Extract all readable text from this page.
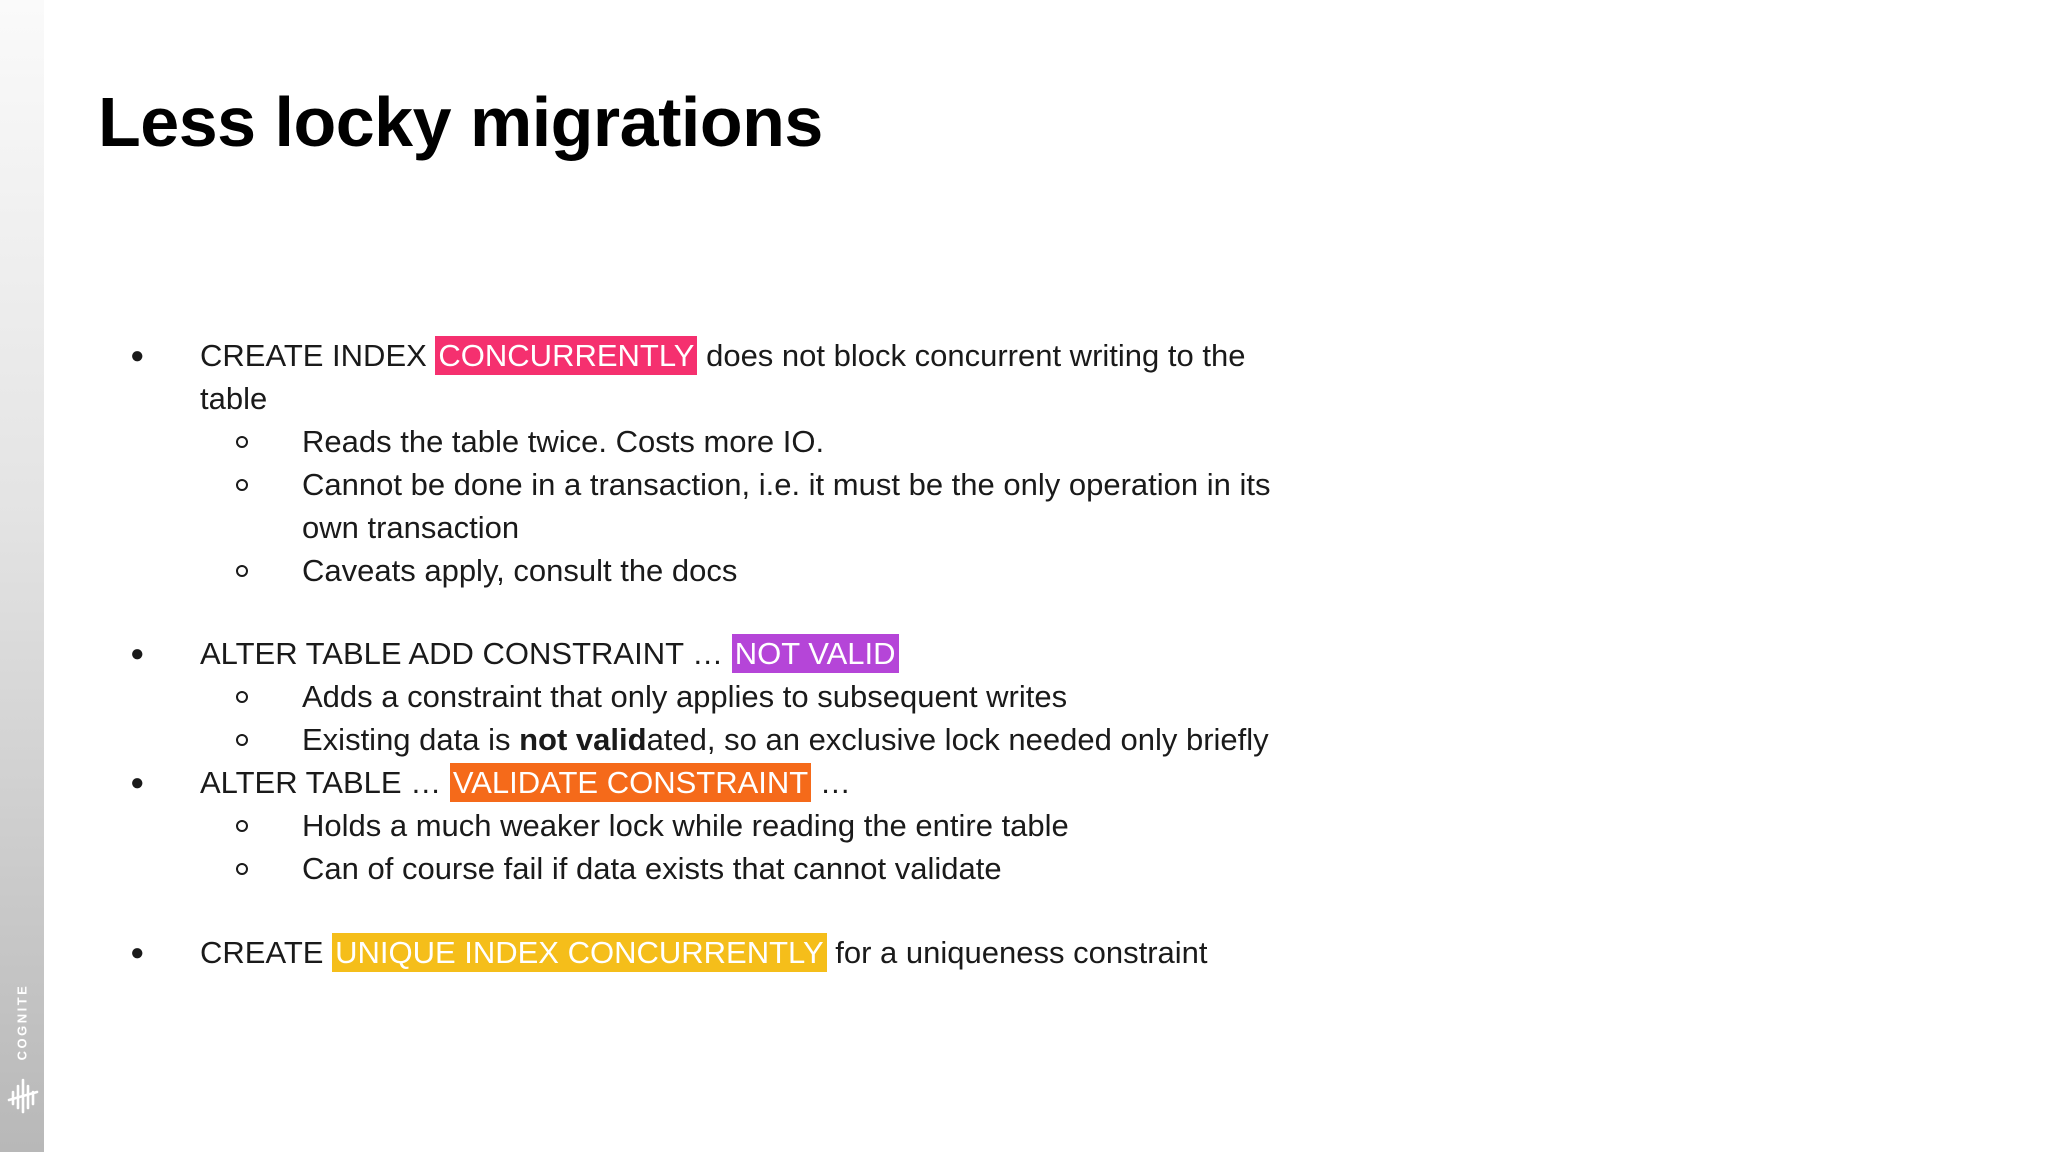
COGNITE
Less locky migrations
● CREATE INDEX CONCURRENTLY does not block concurrent writing to the
table
Reads the table twice. Costs more IO.
Cannot be done in a transaction, i.e. it must be the only operation in its
own transaction
Caveats apply, consult the docs
● ALTER TABLE ADD CONSTRAINT … NOT VALID
Adds a constraint that only applies to subsequent writes
Existing data is not validated, so an exclusive lock needed only briefly
● ALTER TABLE … VALIDATE CONSTRAINT …
Holds a much weaker lock while reading the entire table
Can of course fail if data exists that cannot validate
● CREATE UNIQUE INDEX CONCURRENTLY for a uniqueness constraint
